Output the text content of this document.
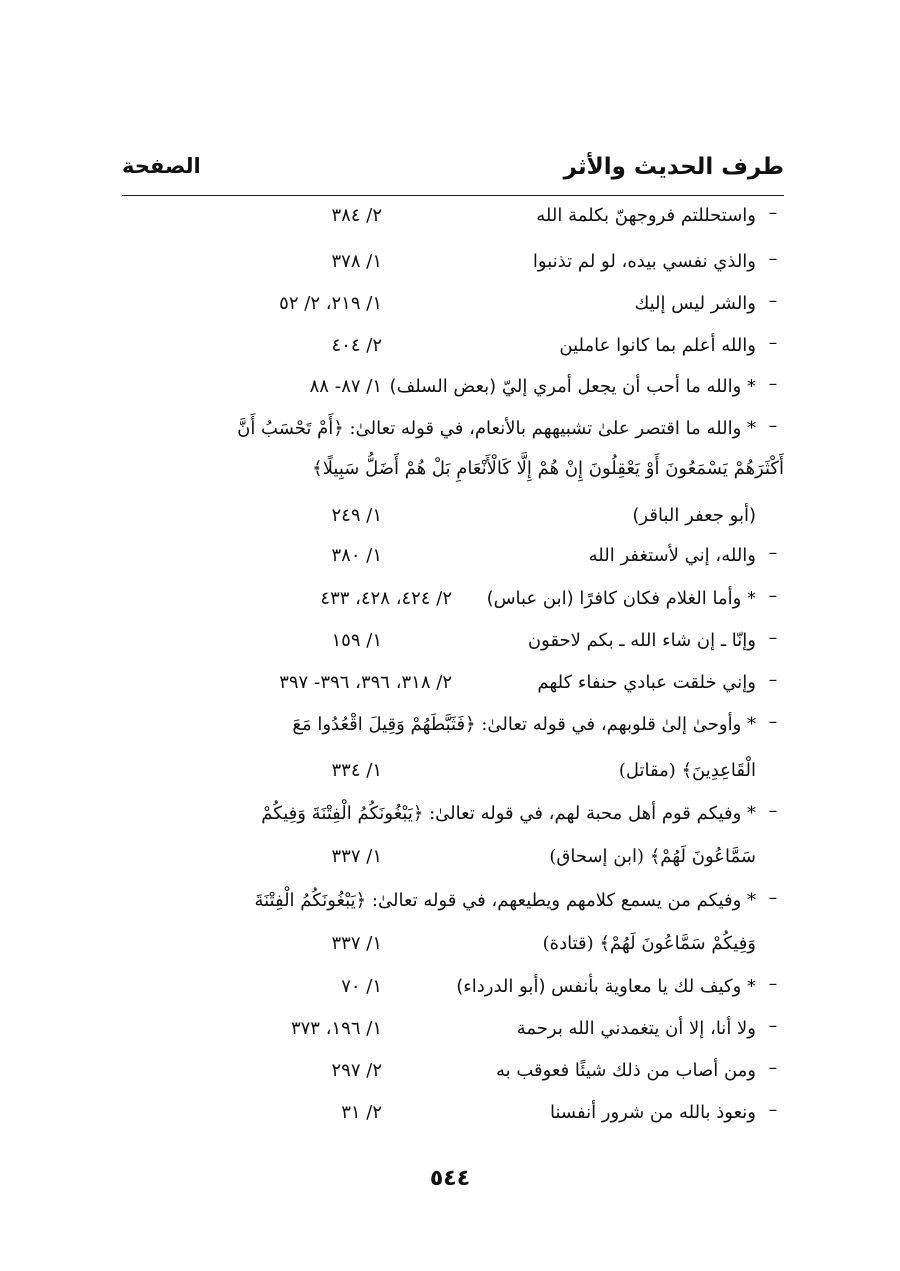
طرف الحديث والأثر
الصفحة
–
واستحللتم فروجهنّ بكلمة الله
٢/ ٣٨٤
–
والذي نفسي بيده، لو لم تذنبوا
١/ ٣٧٨
–
والشر ليس إليك
١/ ٢١٩، ٢/ ٥٢
–
والله أعلم بما كانوا عاملين
٢/ ٤٠٤
–
* والله ما أحب أن يجعل أمري إليّ (بعض السلف)
١/ ٨٧- ٨٨
–
* والله ما اقتصر علىٰ تشبيههم بالأنعام، في قوله تعالىٰ: ﴿أَمْ تَحْسَبُ أَنَّ
أَكْثَرَهُمْ يَسْمَعُونَ أَوْ يَعْقِلُونَ إِنْ هُمْ إِلَّا كَالْأَنْعَامِ بَلْ هُمْ أَضَلُّ سَبِيلًا﴾
(أبو جعفر الباقر)
١/ ٢٤٩
–
والله، إني لأستغفر الله
١/ ٣٨٠
–
* وأما الغلام فكان كافرًا (ابن عباس)
٢/ ٤٢٤، ٤٢٨، ٤٣٣
–
وإنّا ـ إن شاء الله ـ بكم لاحقون
١/ ١٥٩
–
وإني خلقت عبادي حنفاء كلهم
٢/ ٣١٨، ٣٩٦، ٣٩٦- ٣٩٧
–
* وأوحىٰ إلىٰ قلوبهم، في قوله تعالىٰ: ﴿فَثَبَّطَهُمْ وَقِيلَ اقْعُدُوا مَعَ
الْقَاعِدِينَ﴾ (مقاتل)
١/ ٣٣٤
–
* وفيكم قوم أهل محبة لهم، في قوله تعالىٰ: ﴿يَبْغُونَكُمُ الْفِتْنَةَ وَفِيكُمْ
سَمَّاعُونَ لَهُمْ﴾ (ابن إسحاق)
١/ ٣٣٧
–
* وفيكم من يسمع كلامهم ويطيعهم، في قوله تعالىٰ: ﴿يَبْغُونَكُمُ الْفِتْنَةَ
وَفِيكُمْ سَمَّاعُونَ لَهُمْ﴾ (قتادة)
١/ ٣٣٧
–
* وكيف لك يا معاوية بأنفس (أبو الدرداء)
١/ ٧٠
–
ولا أنا، إلا أن يتغمدني الله برحمة
١/ ١٩٦، ٣٧٣
–
ومن أصاب من ذلك شيئًا فعوقب به
٢/ ٢٩٧
–
ونعوذ بالله من شرور أنفسنا
٢/ ٣١
٥٤٤
